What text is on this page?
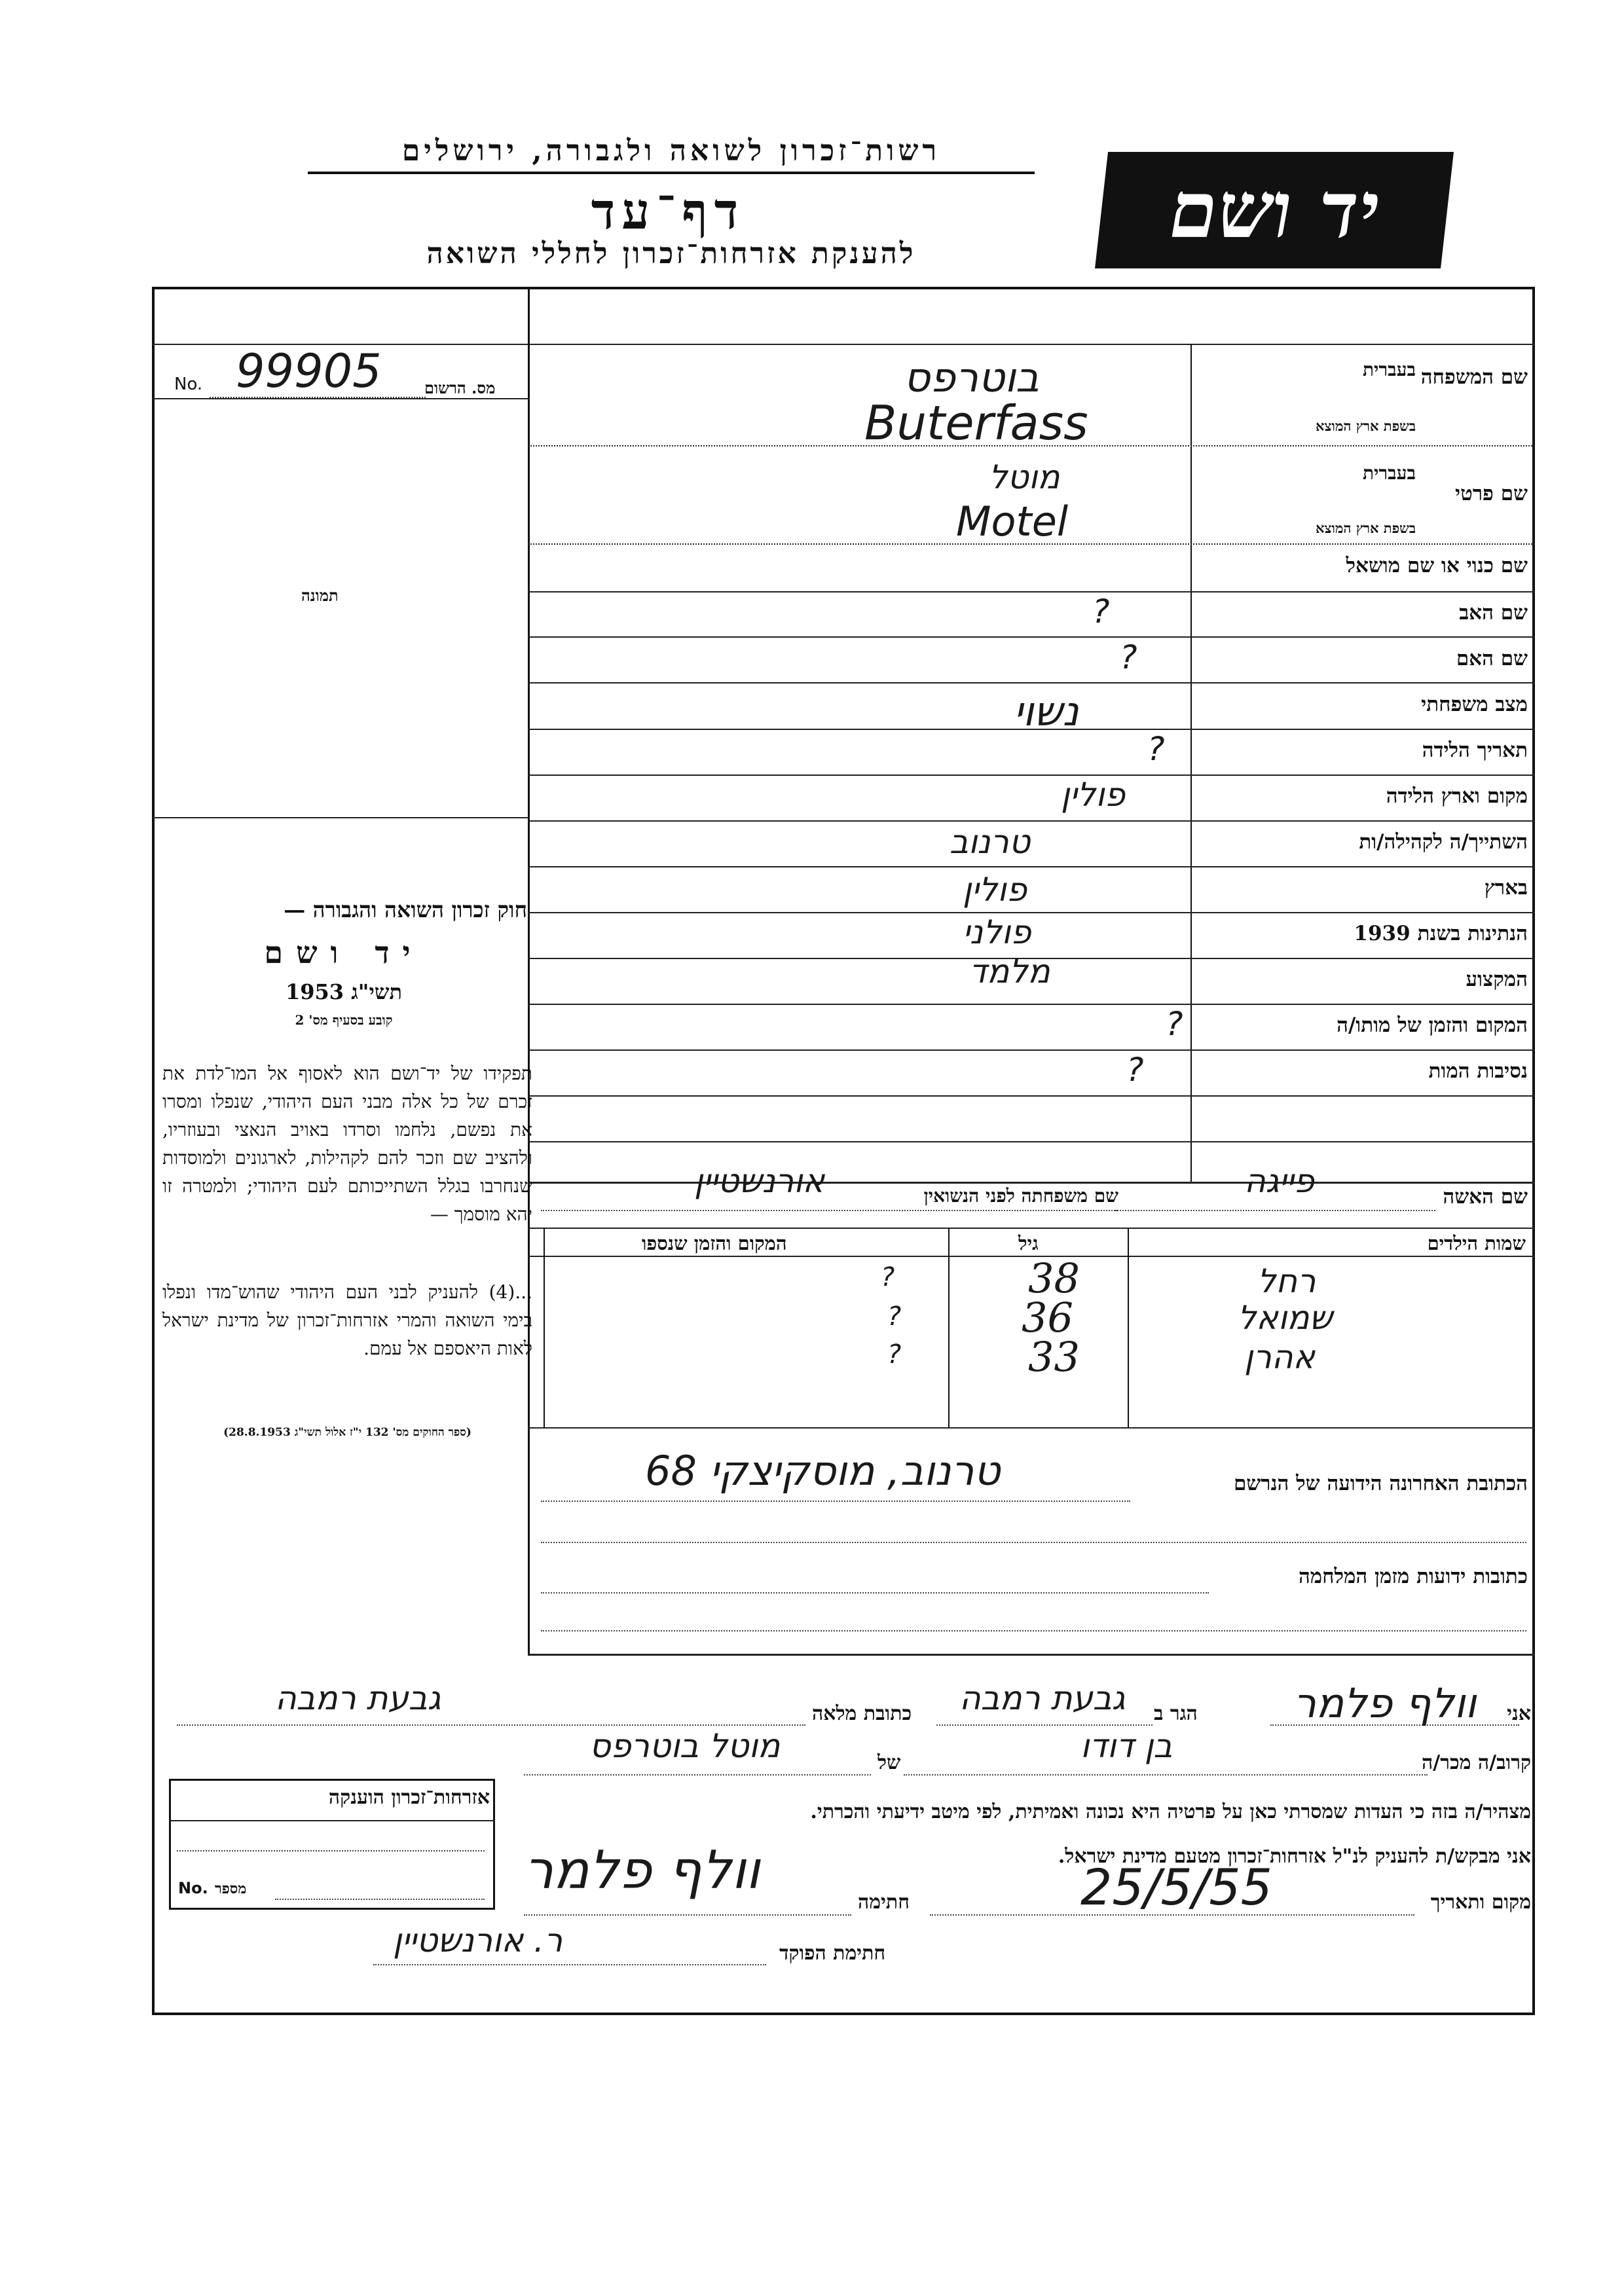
רשות־זכרון לשואה ולגבורה, ירושלים
דף־עד
להענקת אזרחות־זכרון לחללי השואה	יד ושם
מס. הרשום
No. 99905
תמונה
חוק זכרון השואה והגבורה —
יד ושם
תשי"ג 1953
קובע בסעיף מס' 2
תפקידו של יד־ושם הוא לאסוף אל המו־לדת את זכרם של כל אלה מבני העם היהודי, שנפלו ומסרו את נפשם, נלחמו וסרדו באויב הנאצי ובעוזריו, ולהציב שם וזכר להם לקהילות, לארגונים ולמוסדות שנחרבו בגלל השתייכותם לעם היהודי; ולמטרה זו יהא מוסמך —
...(4) להעניק לבני העם היהודי שהוש־מדו ונפלו בימי השואה והמרי אזרחות־זכרון של מדינת ישראל לאות היאספם אל עמם.
(ספר החוקים מס' 132 י"ז אלול תשי"ג 28.8.1953)
שם המשפחה
בעברית
בשפת ארץ המוצא
שם פרטי
בעברית
בשפת ארץ המוצא
שם כנוי או שם מושאל
שם האב
שם האם
מצב משפחתי
תאריך הלידה
מקום וארץ הלידה
השתייך/ה לקהילה/ות
בארץ
הנתינות בשנת 1939
המקצוע
המקום והזמן של מותו/ה
נסיבות המות
בוטרפס
Buterfass
מוטל
Motel
?
?
נשוי
?
פולין
טרנוב
פולין
פולני
מלמד
?
?
שם האשה
פייגה
שם משפחתה לפני הנשואין
אורנשטיין
שמות הילדים
גיל
המקום והזמן שנספו
רחל
38
?
שמואל
36
?
אהרן
33
?
הכתובת האחרונה הידועה של הנרשם
טרנוב, מוסקיצקי 68
כתובות ידועות מזמן המלחמה
אני
וולף פלמר
הגר ב
גבעת רמבה
כתובת מלאה
גבעת רמבה
קרוב/ה מכר/ה
בן דודו
של
מוטל בוטרפס
מצהיר/ה בזה כי העדות שמסרתי כאן על פרטיה היא נכונה ואמיתית, לפי מיטב ידיעתי והכרתי.
אני מבקש/ת להעניק לנ"ל אזרחות־זכרון מטעם מדינת ישראל.
מקום ותאריך
25/5/55
חתימה
וולף פלמר
חתימת הפוקד
ר. אורנשטיין
אזרחות־זכרון הוענקה
No. מספר
